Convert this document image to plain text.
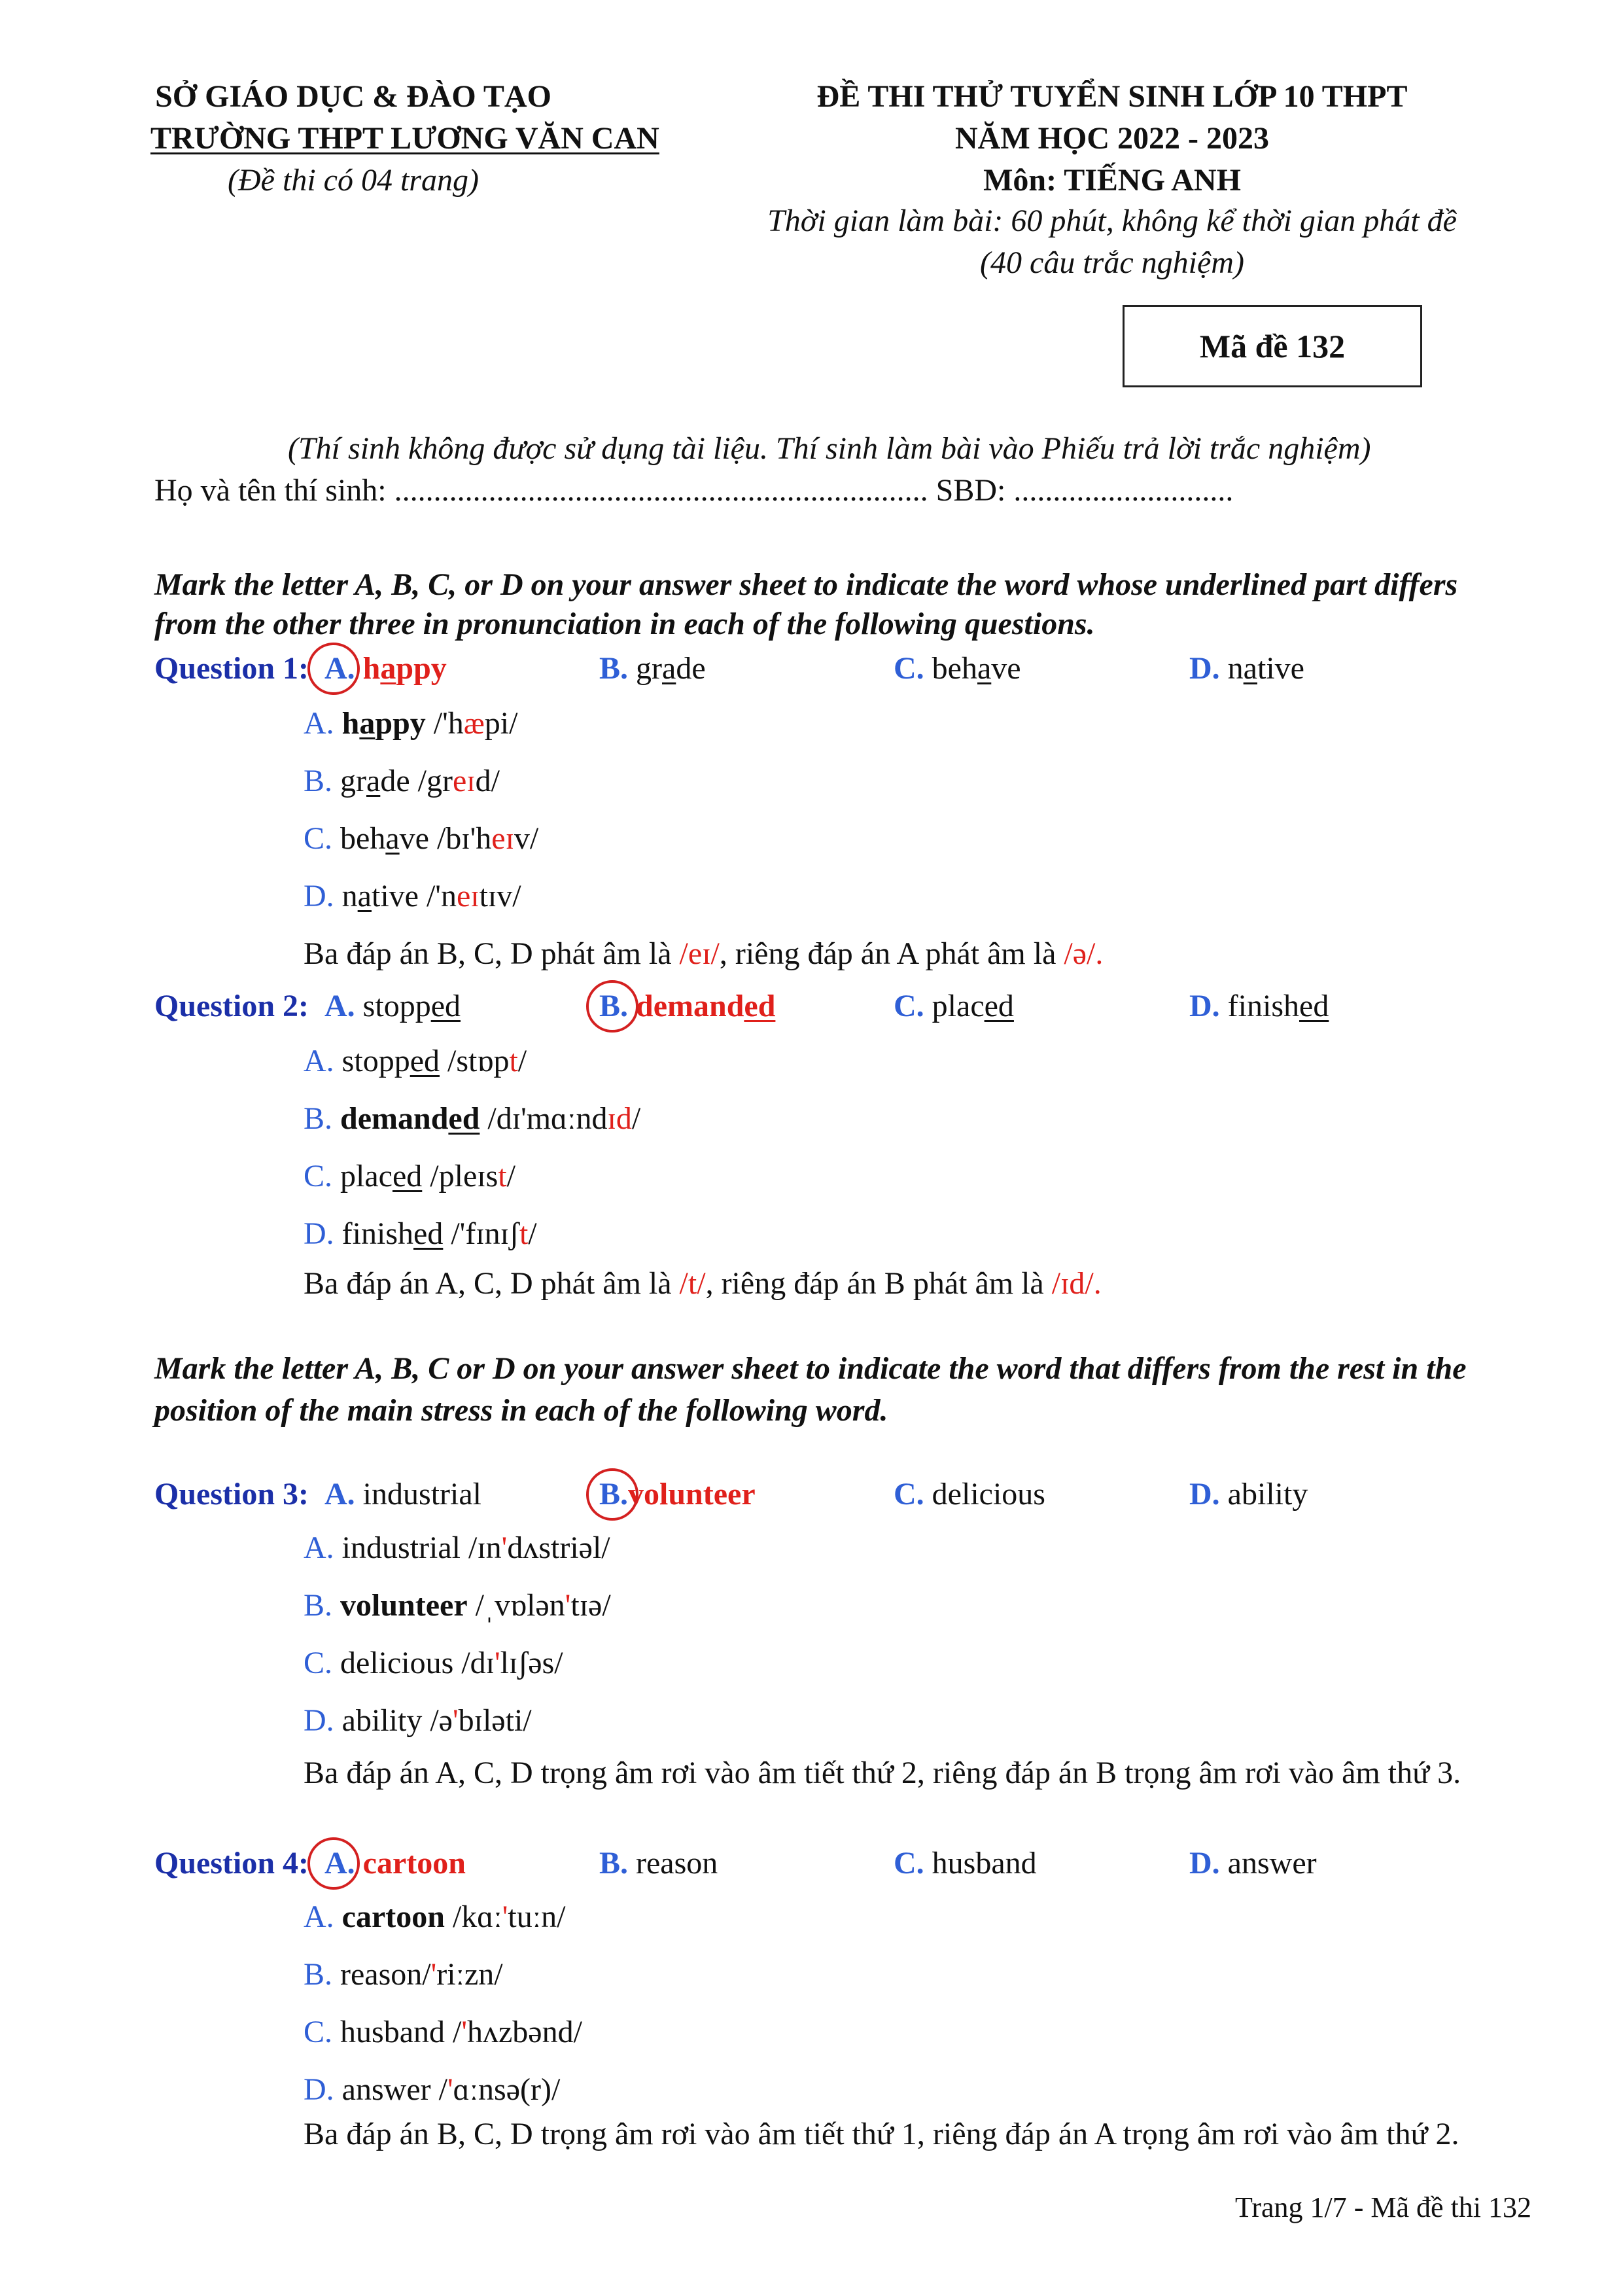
SỞ GIÁO DỤC & ĐÀO TẠO
TRƯỜNG THPT LƯƠNG VĂN CAN
(Đề thi có 04 trang)
ĐỀ THI THỬ TUYỂN SINH LỚP 10 THPT
NĂM HỌC 2022 - 2023
Môn: TIẾNG ANH
Thời gian làm bài: 60 phút, không kể thời gian phát đề
(40 câu trắc nghiệm)
Mã đề 132
(Thí sinh không được sử dụng tài liệu. Thí sinh làm bài vào Phiếu trả lời trắc nghiệm)
Họ và tên thí sinh: .................................................................... SBD: ............................
Mark the letter A, B, C, or D on your answer sheet to indicate the word whose underlined part differs
from the other three in pronunciation in each of the following questions.
Question 1: A. happy	B. grade	C. behave	D. native
A. happy /'hæpi/
B. grade /greɪd/
C. behave /bɪ'heɪv/
D. native /'neɪtɪv/
Ba đáp án B, C, D phát âm là /eɪ/, riêng đáp án A phát âm là /ə/.
Question 2: A. stopped	B. demanded	C. placed	D. finished
A. stopped /stɒpt/
B. demanded /dɪ'mɑːndɪd/
C. placed /pleɪst/
D. finished /'fɪnɪʃt/
Ba đáp án A, C, D phát âm là /t/, riêng đáp án B phát âm là /ɪd/.
Mark the letter A, B, C or D on your answer sheet to indicate the word that differs from the rest in the
position of the main stress in each of the following word.
Question 3: A. industrial	B.volunteer	C. delicious	D. ability
A. industrial /ɪn'dʌstriəl/
B. volunteer /ˌvɒlən'tɪə/
C. delicious /dɪ'lɪʃəs/
D. ability /ə'bɪləti/
Ba đáp án A, C, D trọng âm rơi vào âm tiết thứ 2, riêng đáp án B trọng âm rơi vào âm thứ 3.
Question 4: A. cartoon	B. reason	C. husband	D. answer
A. cartoon /kɑː'tuːn/
B. reason/'riːzn/
C. husband /'hʌzbənd/
D. answer /'ɑːnsə(r)/
Ba đáp án B, C, D trọng âm rơi vào âm tiết thứ 1, riêng đáp án A trọng âm rơi vào âm thứ 2.
Trang 1/7 - Mã đề thi 132
